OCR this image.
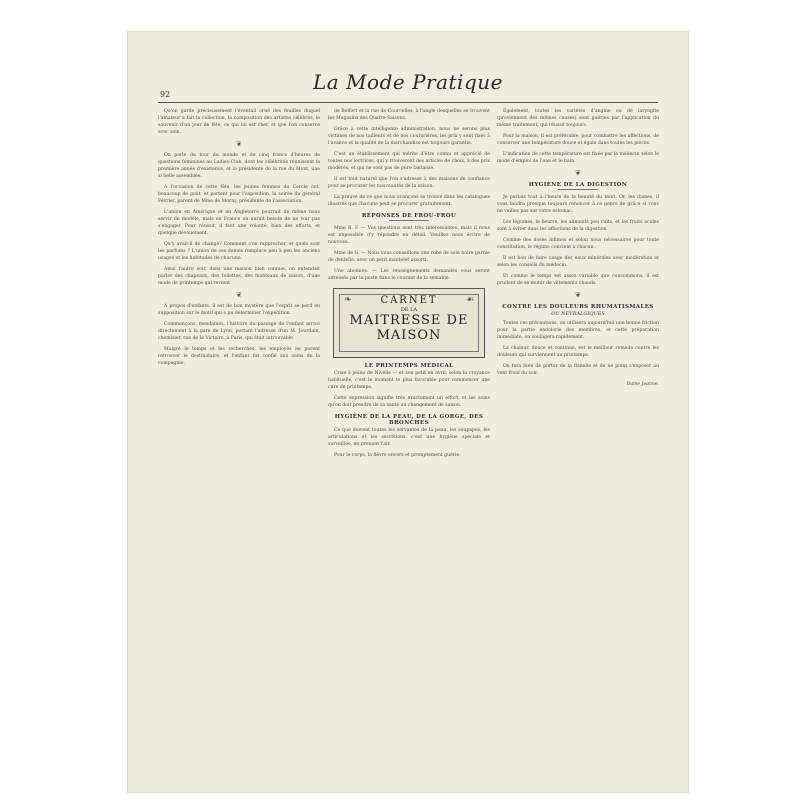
92
La Mode Pratique

Qu'on garde précieusement l'éventail orné des feuilles duquel l'amateur a fait la collection, la composition des artistes célèbres, le souvenir d'un jour de fête, ce qui lui est cher, et que l'on conserve avec soin.

❦

On parle du tour du monde et de cinq francs d'heures de questions féminines au Ladies-Club, dont les célébrités réunissent la première année d'existence, et la présidente de la rue du Mont, une si belle assemblée.

A l'occasion de cette fête, les jeunes femmes du Cercle ont, beaucoup de goût, et partent pour l'exposition, la soirée du général Février, parent de Mme de Morny, présidente de l'association.

L'union en Amérique et en Angleterre pourrait de même nous servir de modèle, mais en France on aurait besoin de ne voir pas s'engager. Pour réussir, il faut une volonté, bien des efforts, et quelque dévouement.

Qu'y avait-il de changé? Comment s'en rapprocher, et quels sont les parfums ? L'union de ces dames remplace peu à peu les anciens usages et les habitudes de chacune.

Ainsi l'autre soir, dans une maison bien connue, on entendait parler des chapeaux, des toilettes, des manteaux de saison, d'une mode de printemps qui revient.

❦

A propos d'enfants, il est de bon mystère que l'esprit se perd en supposition sur le motif qui a pu déterminer l'expédition.

Commençons, mesdames, l'histoire du passage de l'enfant arrivé directement à la gare de Lyon, portant l'adresse d'un M. Jourdain, chemisier, rue de la Victoire, à Paris, qui était introuvable.

Malgré le temps et les recherches, les employés ne purent retrouver le destinataire, et l'enfant fut confié aux soins de la compagnie.

de Belfort et la rue de Courcelles, à l'angle desquelles se trouvent les Magasins des Quatre-Saisons.

Grâce à cette intelligente administration, nous ne serons plus victimes de nos tailleurs et de nos couturières, les prix y sont fixés à l'avance et la qualité de la marchandise est toujours garantie.

C'est un établissement qui mérite d'être connu et apprécié de toutes nos lectrices, qui y trouveront des articles de choix, à des prix modérés, et qui ne sont pas de pure fantaisie.

Il est tout naturel que l'on s'adresse à des maisons de confiance pour se procurer les nouveautés de la saison.

La preuve de ce que nous avançons se trouve dans les catalogues illustrés que chacune peut se procurer gratuitement.

RÉPONSES DE FROU-FROU

Mme B. F. — Vos questions sont très intéressantes, mais il nous est impossible d'y répondre en détail. Veuillez nous écrire de nouveau.

Mme de G. — Nous vous conseillons une robe de soie noire garnie de dentelle, avec un petit mantelet assorti.

Une abonnée. — Les renseignements demandés vous seront adressés par la poste dans le courant de la semaine.

❧	☙
CARNET
DE LA
MAITRESSE DE MAISON
LE PRINTEMPS MÉDICAL

Crise à jeûne de Nivelle — et son petit en avril, selon la croyance habituelle, c'est le moment le plus favorable pour commencer une cure de printemps.

Cette expression signifie très exactement un effort, et les soins qu'on doit prendre de sa santé au changement de saison.

HYGIÈNE DE LA PEAU, DE LA GORGE, DES BRONCHES

Ce que doivent toutes les servantes de la peau, les soupapes, les articulations et les sécrétions, c'est une hygiène spéciale et surveillée, en prenant l'air.

Pour le corps, la fièvre envers et promptement guérie.

Egalement, toutes les variétés d'angine ou de laryngite (proviennent des mêmes causes) sont guéries par l'application du même traitement, qui réussit toujours.

Pour la maison, il est préférable, pour combattre les affections, de conserver une température douce et égale dans toutes les pièces.

L'indication de cette température est fixée par le médecin selon le mode d'emploi de l'eau et le bain.

❦
HYGIÈNE DE LA DIGESTION

Je parlais tout à l'heure de la beauté du teint. Or, les dames, il vous faudra presque toujours renoncer à ce genre de grâce si vous ne veillez pas sur votre estomac.

Les légumes, le beurre, les aliments peu cuits, et les fruits acides sont à éviter dans les affections de la digestion.

Comme des doses infimes et selon nous nécessaires pour toute constitution, le régime convient à chacun.

Il est bon de faire usage des eaux minérales avec modération et selon les conseils du médecin.

Et comme le temps est assez variable que consommons, il est prudent de se munir de vêtements chauds.

❦
CONTRE LES DOULEURS RHUMATISMALES
OU NÉVRALGIQUES

Toutes ces précautions, on utilisera aujourd'hui une bonne friction pour la partie endolorie des membres, et cette préparation immédiate, on soulagera rapidement.

La chaleur, douce et continue, est le meilleur remède contre les douleurs qui surviennent au printemps.

On fera bien de porter de la flanelle et de ne point s'exposer au vent froid du soir.

Dame Jeanne.
